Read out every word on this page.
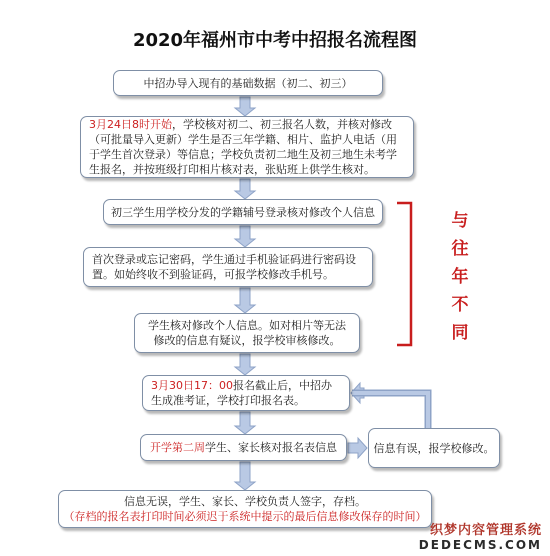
2020年福州市中考中招报名流程图
中招办导入现有的基础数据（初二、初三）
3月24日8时开始，学校核对初二、初三报名人数，并核对修改（可批量导入更新）学生是否三年学籍、相片、监护人电话（用于学生首次登录）等信息；学校负责初二地生及初三地生未考学生报名，并按班级打印相片核对表，张贴班上供学生核对。
初三学生用学校分发的学籍辅号登录核对修改个人信息
首次登录或忘记密码，学生通过手机验证码进行密码设置。如始终收不到验证码，可报学校修改手机号。
学生核对修改个人信息。如对相片等无法修改的信息有疑议，报学校审核修改。
3月30日17：00报名截止后，中招办生成准考证，学校打印报名表。
开学第二周学生、家长核对报名表信息	信息有误，报学校修改。
信息无误，学生、家长、学校负责人签字，存档。
（存档的报名表打印时间必须迟于系统中提示的最后信息修改保存的时间）
与
往
年
不
同
织梦内容管理系统
DEDECMS.COM
